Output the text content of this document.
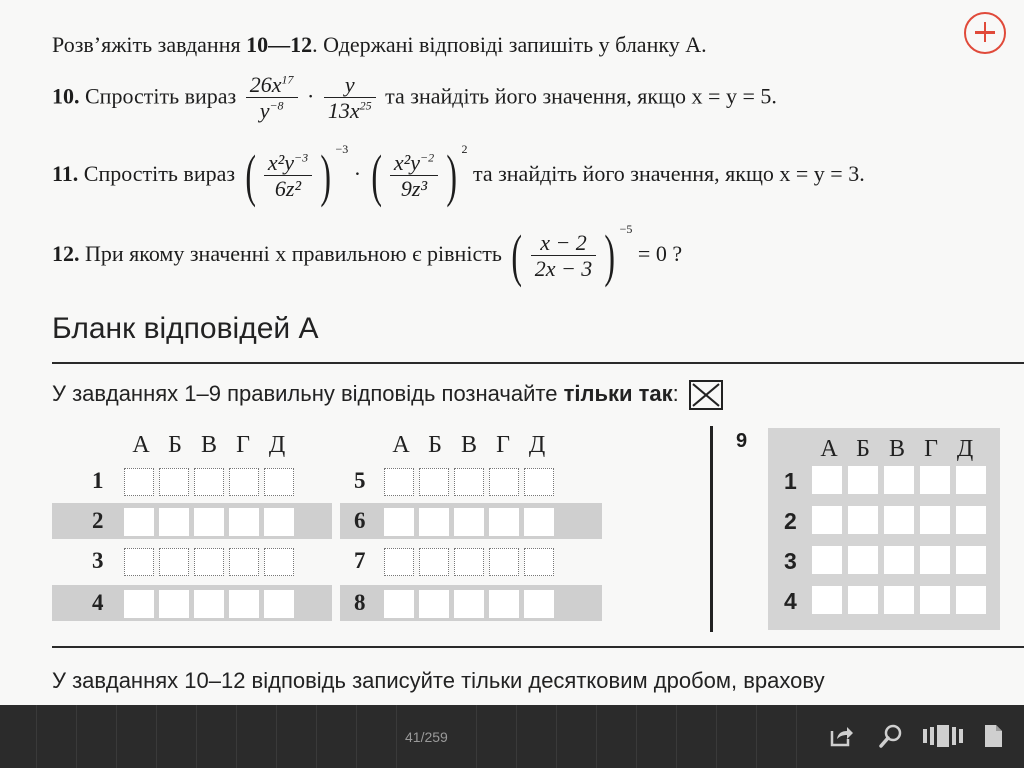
Розв’яжіть завдання 10—12. Одержані відповіді запишіть у бланку А.
10. Спростіть вираз $\frac{26x^{17}}{y^{-8}} \cdot \frac{y}{13x^{25}}$ та знайдіть його значення, якщо x = y = 5.
11. Спростіть вираз ( $\frac{x^2y^{-3}}{\text{6z²}}$ ) $^{-3}$ · ( $\frac{x^2y^{-2}}{\text{9z³}}$ ) $^2$ та знайдіть його значення, якщо x = y = 3.
12. При якому значенні x правильною є рівність ( $\frac{x - 2}{2x - 3}$ ) $^{-5}$ = 0 ?
Бланк відповідей А
У завданнях 1–9 правильну відповідь позначайте тільки так:
А Б В Г Д
1
2
3
4
А Б В Г Д
5
6
7
8
9	А Б В Г Д
1
2
3
4
У завданнях 10–12 відповідь записуйте тільки десятковим дробом, врахову
41/259
